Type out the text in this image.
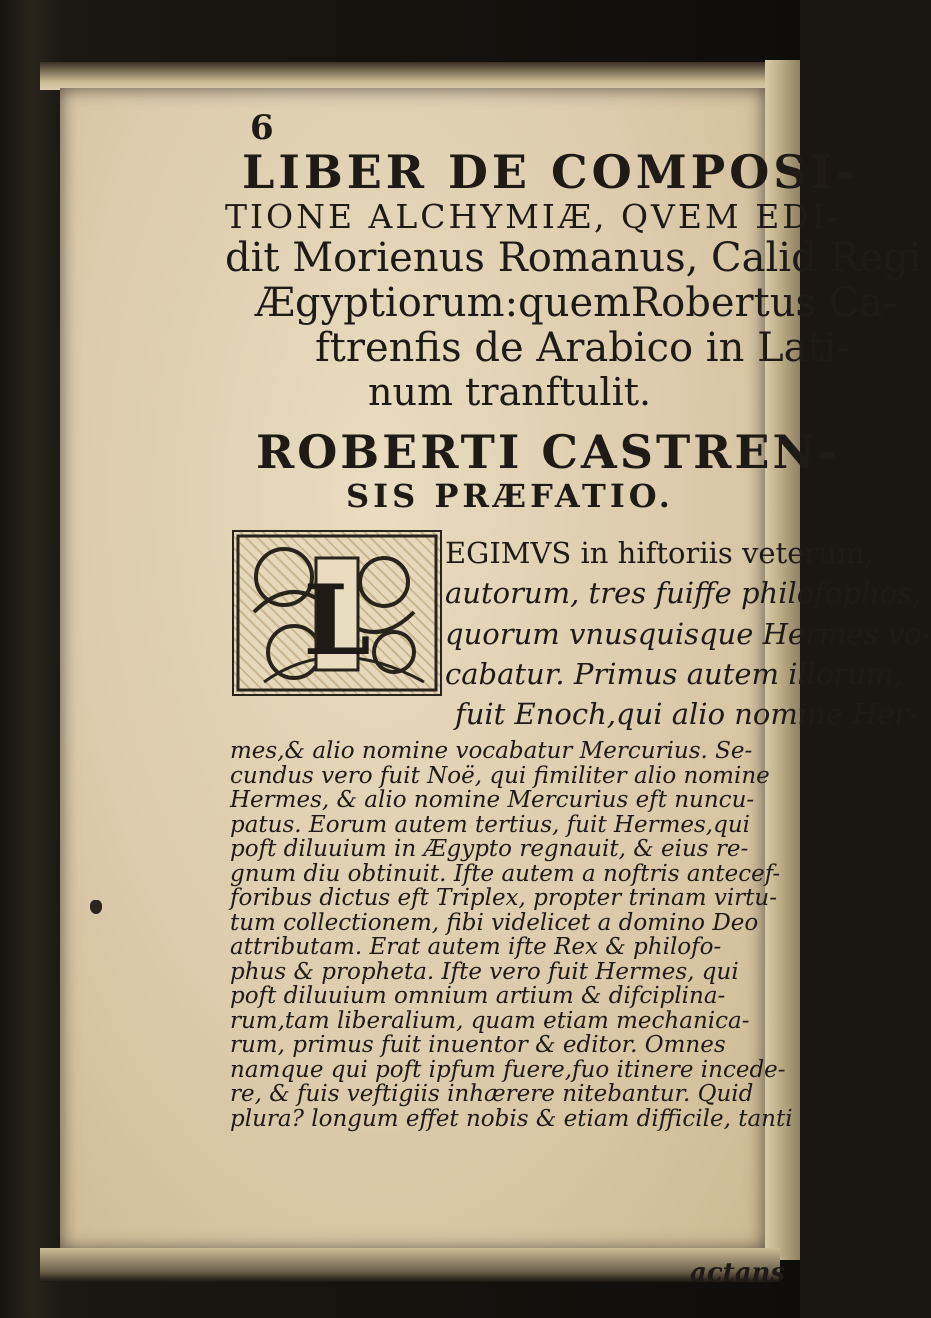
6
LIBER DE COMPOSI-
TIONE ALCHYMIÆ, QVEM EDI-
dit Morienus Romanus, Calid Regi
Ægyptiorum:quemRobertus Ca-
ftrenfis de Arabico in Lati-
num tranftulit.
ROBERTI CASTREN-
SIS PRÆFATIO.
L
EGIMVS in hiftoriis veterum,
autorum, tres fuiffe philofophos,
quorum vnusquisque Hermes vo-
cabatur. Primus autem illorum,
fuit Enoch,qui alio nomine Her-
mes,& alio nomine vocabatur Mercurius. Se-
cundus vero fuit Noë, qui fimiliter alio nomine
Hermes, & alio nomine Mercurius eft nuncu-
patus. Eorum autem tertius, fuit Hermes,qui
poft diluuium in Ægypto regnauit, & eius re-
gnum diu obtinuit. Ifte autem a noftris antecef-
foribus dictus eft Triplex, propter trinam virtu-
tum collectionem, fibi videlicet a domino Deo
attributam. Erat autem ifte Rex & philofo-
phus & propheta. Ifte vero fuit Hermes, qui
poft diluuium omnium artium & difciplina-
rum,tam liberalium, quam etiam mechanica-
rum, primus fuit inuentor & editor. Omnes
actans
namque qui poft ipfum fuere,fuo itinere incede-
re, & fuis veftigiis inhærere nitebantur. Quid
plura? longum effet nobis & etiam difficile, tanti
